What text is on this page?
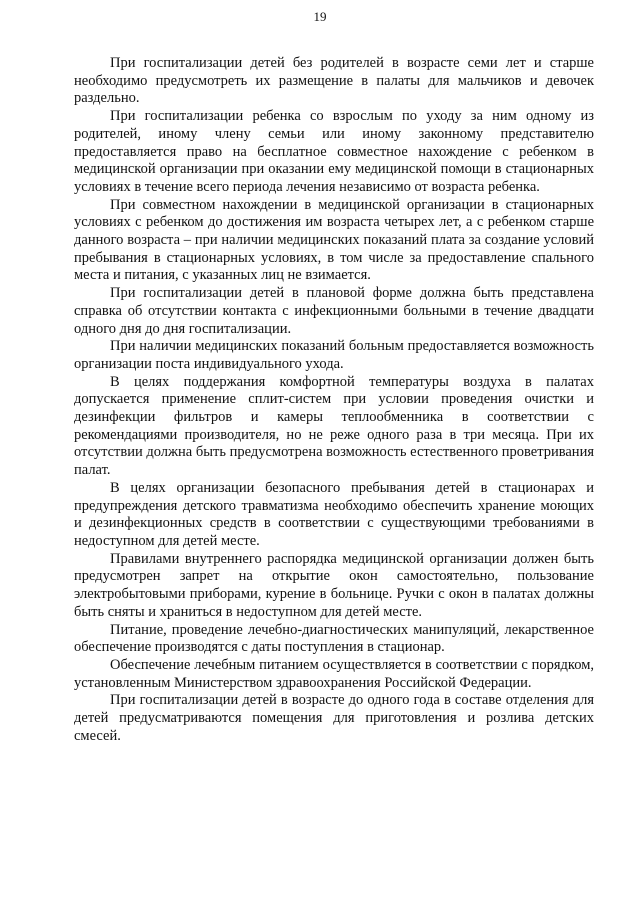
19

При госпитализации детей без родителей в возрасте семи лет и старше необходимо предусмотреть их размещение в палаты для мальчиков и девочек раздельно.

При госпитализации ребенка со взрослым по уходу за ним одному из родителей, иному члену семьи или иному законному представителю предоставляется право на бесплатное совместное нахождение с ребенком в медицинской организации при оказании ему медицинской помощи в стационарных условиях в течение всего периода лечения независимо от возраста ребенка.

При совместном нахождении в медицинской организации в стационарных условиях с ребенком до достижения им возраста четырех лет, а с ребенком старше данного возраста – при наличии медицинских показаний плата за создание условий пребывания в стационарных условиях, в том числе за предоставление спального места и питания, с указанных лиц не взимается.

При госпитализации детей в плановой форме должна быть представлена справка об отсутствии контакта с инфекционными больными в течение двадцати одного дня до дня госпитализации.

При наличии медицинских показаний больным предоставляется возможность организации поста индивидуального ухода.

В целях поддержания комфортной температуры воздуха в палатах допускается применение сплит-систем при условии проведения очистки и дезинфекции фильтров и камеры теплообменника в соответствии с рекомендациями производителя, но не реже одного раза в три месяца. При их отсутствии должна быть предусмотрена возможность естественного проветривания палат.

В целях организации безопасного пребывания детей в стационарах и предупреждения детского травматизма необходимо обеспечить хранение моющих и дезинфекционных средств в соответствии с существующими требованиями в недоступном для детей месте.

Правилами внутреннего распорядка медицинской организации должен быть предусмотрен запрет на открытие окон самостоятельно, пользование электробытовыми приборами, курение в больнице. Ручки с окон в палатах должны быть сняты и храниться в недоступном для детей месте.

Питание, проведение лечебно-диагностических манипуляций, лекарственное обеспечение производятся с даты поступления в стационар.

Обеспечение лечебным питанием осуществляется в соответствии с порядком, установленным Министерством здравоохранения Российской Федерации.

При госпитализации детей в возрасте до одного года в составе отделения для детей предусматриваются помещения для приготовления и розлива детских смесей.
